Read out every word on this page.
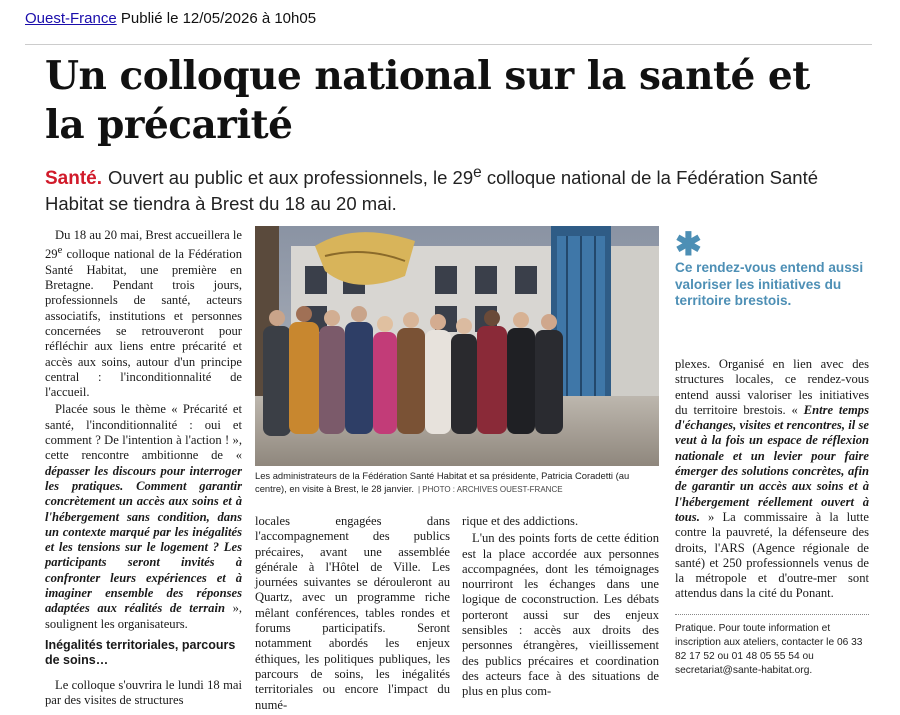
Ouest-France Publié le 12/05/2026 à 10h05
Un colloque national sur la santé et la précarité
Santé. Ouvert au public et aux professionnels, le 29e colloque national de la Fédération Santé Habitat se tiendra à Brest du 18 au 20 mai.

Du 18 au 20 mai, Brest accueillera le 29e colloque national de la Fédération Santé Habitat, une première en Bretagne. Pendant trois jours, professionnels de santé, acteurs associatifs, institutions et personnes concernées se retrouveront pour réfléchir aux liens entre précarité et accès aux soins, autour d'un principe central : l'inconditionnalité de l'accueil.

Placée sous le thème « Précarité et santé, l'inconditionnalité : oui et comment ? De l'intention à l'action ! », cette rencontre ambitionne de « dépasser les discours pour interroger les pratiques. Comment garantir concrètement un accès aux soins et à l'hébergement sans condition, dans un contexte marqué par les inégalités et les tensions sur le logement ? Les participants seront invités à confronter leurs expériences et à imaginer ensemble des réponses adaptées aux réalités de terrain », soulignent les organisateurs.

Inégalités territoriales, parcours de soins…

Le colloque s'ouvrira le lundi 18 mai par des visites de structures

Les administrateurs de la Fédération Santé Habitat et sa présidente, Patricia Coradetti (au centre), en visite à Brest, le 28 janvier. | PHOTO : ARCHIVES OUEST-FRANCE

locales engagées dans l'accompagnement des publics précaires, avant une assemblée générale à l'Hôtel de Ville. Les journées suivantes se dérouleront au Quartz, avec un programme riche mêlant conférences, tables rondes et forums participatifs. Seront notamment abordés les enjeux éthiques, les politiques publiques, les parcours de soins, les inégalités territoriales ou encore l'impact du numé-

rique et des addictions.

L'un des points forts de cette édition est la place accordée aux personnes accompagnées, dont les témoignages nourriront les échanges dans une logique de coconstruction. Les débats porteront aussi sur des enjeux sensibles : accès aux droits des personnes étrangères, vieillissement des publics précaires et coordination des acteurs face à des situations de plus en plus com-

✱
Ce rendez-vous entend aussi valoriser les initiatives du territoire brestois.

plexes. Organisé en lien avec des structures locales, ce rendez-vous entend aussi valoriser les initiatives du territoire brestois. « Entre temps d'échanges, visites et rencontres, il se veut à la fois un espace de réflexion nationale et un levier pour faire émerger des solutions concrètes, afin de garantir un accès aux soins et à l'hébergement réellement ouvert à tous. » La commissaire à la lutte contre la pauvreté, la défenseure des droits, l'ARS (Agence régionale de santé) et 250 professionnels venus de la métropole et d'outre-mer sont attendus dans la cité du Ponant.

Pratique. Pour toute information et inscription aux ateliers, contacter le 06 33 82 17 52 ou 01 48 05 55 54 ou secretariat@sante-habitat.org.
